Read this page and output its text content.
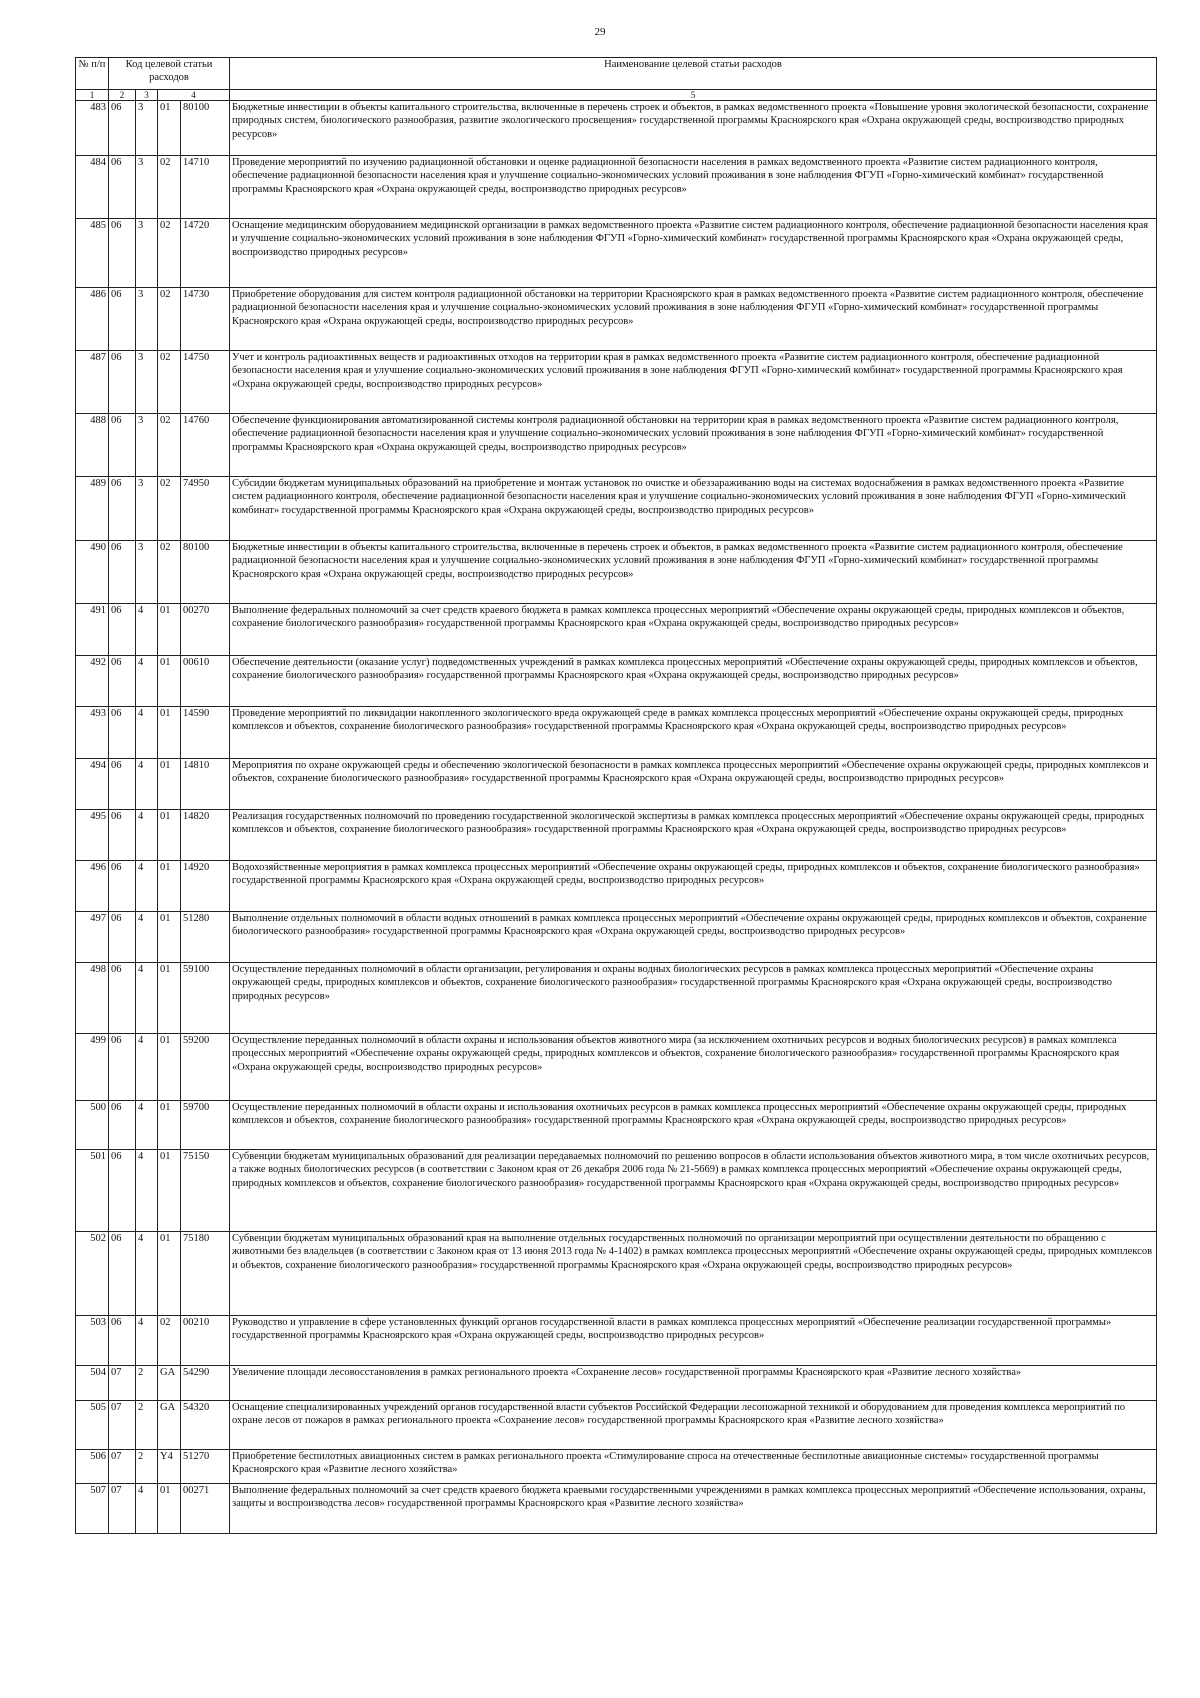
29
№ п/п	Код целевой статьи расходов				Наименование целевой статьи расходов

1	2	3	4		5
483	06	3	01	80100	Бюджетные инвестиции в объекты капитального строительства, включенные в перечень строек и объектов, в рамках ведомственного проекта «Повышение уровня экологической безопасности, сохранение природных систем, биологического разнообразия, развитие экологического просвещения» государственной программы Красноярского края «Охрана окружающей среды, воспроизводство природных ресурсов»
484	06	3	02	14710	Проведение мероприятий по изучению радиационной обстановки и оценке радиационной безопасности населения в рамках ведомственного проекта «Развитие систем радиационного контроля, обеспечение радиационной безопасности населения края и улучшение социально-экономических условий проживания в зоне наблюдения ФГУП «Горно-химический комбинат» государственной программы Красноярского края «Охрана окружающей среды, воспроизводство природных ресурсов»
485	06	3	02	14720	Оснащение медицинским оборудованием медицинской организации в рамках ведомственного проекта «Развитие систем радиационного контроля, обеспечение радиационной безопасности населения края и улучшение социально-экономических условий проживания в зоне наблюдения ФГУП «Горно-химический комбинат» государственной программы Красноярского края «Охрана окружающей среды, воспроизводство природных ресурсов»
486	06	3	02	14730	Приобретение оборудования для систем контроля радиационной обстановки на территории Красноярского края в рамках ведомственного проекта «Развитие систем радиационного контроля, обеспечение радиационной безопасности населения края и улучшение социально-экономических условий проживания в зоне наблюдения ФГУП «Горно-химический комбинат» государственной программы Красноярского края «Охрана окружающей среды, воспроизводство природных ресурсов»
487	06	3	02	14750	Учет и контроль радиоактивных веществ и радиоактивных отходов на территории края в рамках ведомственного проекта «Развитие систем радиационного контроля, обеспечение радиационной безопасности населения края и улучшение социально-экономических условий проживания в зоне наблюдения ФГУП «Горно-химический комбинат» государственной программы Красноярского края «Охрана окружающей среды, воспроизводство природных ресурсов»
488	06	3	02	14760	Обеспечение функционирования автоматизированной системы контроля радиационной обстановки на территории края в рамках ведомственного проекта «Развитие систем радиационного контроля, обеспечение радиационной безопасности населения края и улучшение социально-экономических условий проживания в зоне наблюдения ФГУП «Горно-химический комбинат» государственной программы Красноярского края «Охрана окружающей среды, воспроизводство природных ресурсов»
489	06	3	02	74950	Субсидии бюджетам муниципальных образований на приобретение и монтаж установок по очистке и обеззараживанию воды на системах водоснабжения в рамках ведомственного проекта «Развитие систем радиационного контроля, обеспечение радиационной безопасности населения края и улучшение социально-экономических условий проживания в зоне наблюдения ФГУП «Горно-химический комбинат» государственной программы Красноярского края «Охрана окружающей среды, воспроизводство природных ресурсов»
490	06	3	02	80100	Бюджетные инвестиции в объекты капитального строительства, включенные в перечень строек и объектов, в рамках ведомственного проекта «Развитие систем радиационного контроля, обеспечение радиационной безопасности населения края и улучшение социально-экономических условий проживания в зоне наблюдения ФГУП «Горно-химический комбинат» государственной программы Красноярского края «Охрана окружающей среды, воспроизводство природных ресурсов»
491	06	4	01	00270	Выполнение федеральных полномочий за счет средств краевого бюджета в рамках комплекса процессных мероприятий «Обеспечение охраны окружающей среды, природных комплексов и объектов, сохранение биологического разнообразия» государственной программы Красноярского края «Охрана окружающей среды, воспроизводство природных ресурсов»
492	06	4	01	00610	Обеспечение деятельности (оказание услуг) подведомственных учреждений в рамках комплекса процессных мероприятий «Обеспечение охраны окружающей среды, природных комплексов и объектов, сохранение биологического разнообразия» государственной программы Красноярского края «Охрана окружающей среды, воспроизводство природных ресурсов»
493	06	4	01	14590	Проведение мероприятий по ликвидации накопленного экологического вреда окружающей среде в рамках комплекса процессных мероприятий «Обеспечение охраны окружающей среды, природных комплексов и объектов, сохранение биологического разнообразия» государственной программы Красноярского края «Охрана окружающей среды, воспроизводство природных ресурсов»
494	06	4	01	14810	Мероприятия по охране окружающей среды и обеспечению экологической безопасности в рамках комплекса процессных мероприятий «Обеспечение охраны окружающей среды, природных комплексов и объектов, сохранение биологического разнообразия» государственной программы Красноярского края «Охрана окружающей среды, воспроизводство природных ресурсов»
495	06	4	01	14820	Реализация государственных полномочий по проведению государственной экологической экспертизы в рамках комплекса процессных мероприятий «Обеспечение охраны окружающей среды, природных комплексов и объектов, сохранение биологического разнообразия» государственной программы Красноярского края «Охрана окружающей среды, воспроизводство природных ресурсов»
496	06	4	01	14920	Водохозяйственные мероприятия в рамках комплекса процессных мероприятий «Обеспечение охраны окружающей среды, природных комплексов и объектов, сохранение биологического разнообразия» государственной программы Красноярского края «Охрана окружающей среды, воспроизводство природных ресурсов»
497	06	4	01	51280	Выполнение отдельных полномочий в области водных отношений в рамках комплекса процессных мероприятий «Обеспечение охраны окружающей среды, природных комплексов и объектов, сохранение биологического разнообразия» государственной программы Красноярского края «Охрана окружающей среды, воспроизводство природных ресурсов»
498	06	4	01	59100	Осуществление переданных полномочий в области организации, регулирования и охраны водных биологических ресурсов в рамках комплекса процессных мероприятий «Обеспечение охраны окружающей среды, природных комплексов и объектов, сохранение биологического разнообразия» государственной программы Красноярского края «Охрана окружающей среды, воспроизводство природных ресурсов»
499	06	4	01	59200	Осуществление переданных полномочий в области охраны и использования объектов животного мира (за исключением охотничьих ресурсов и водных биологических ресурсов) в рамках комплекса процессных мероприятий «Обеспечение охраны окружающей среды, природных комплексов и объектов, сохранение биологического разнообразия» государственной программы Красноярского края «Охрана окружающей среды, воспроизводство природных ресурсов»
500	06	4	01	59700	Осуществление переданных полномочий в области охраны и использования охотничьих ресурсов в рамках комплекса процессных мероприятий «Обеспечение охраны окружающей среды, природных комплексов и объектов, сохранение биологического разнообразия» государственной программы Красноярского края «Охрана окружающей среды, воспроизводство природных ресурсов»
501	06	4	01	75150	Субвенции бюджетам муниципальных образований для реализации передаваемых полномочий по решению вопросов в области использования объектов животного мира, в том числе охотничьих ресурсов, а также водных биологических ресурсов (в соответствии с Законом края от 26 декабря 2006 года № 21-5669) в рамках комплекса процессных мероприятий «Обеспечение охраны окружающей среды, природных комплексов и объектов, сохранение биологического разнообразия» государственной программы Красноярского края «Охрана окружающей среды, воспроизводство природных ресурсов»
502	06	4	01	75180	Субвенции бюджетам муниципальных образований края на выполнение отдельных государственных полномочий по организации мероприятий при осуществлении деятельности по обращению с животными без владельцев (в соответствии с Законом края от 13 июня 2013 года № 4-1402) в рамках комплекса процессных мероприятий «Обеспечение охраны окружающей среды, природных комплексов и объектов, сохранение биологического разнообразия» государственной программы Красноярского края «Охрана окружающей среды, воспроизводство природных ресурсов»
503	06	4	02	00210	Руководство и управление в сфере установленных функций органов государственной власти в рамках комплекса процессных мероприятий «Обеспечение реализации государственной программы» государственной программы Красноярского края «Охрана окружающей среды, воспроизводство природных ресурсов»
504	07	2	GA	54290	Увеличение площади лесовосстановления в рамках регионального проекта «Сохранение лесов» государственной программы Красноярского края «Развитие лесного хозяйства»
505	07	2	GA	54320	Оснащение специализированных учреждений органов государственной власти субъектов Российской Федерации лесопожарной техникой и оборудованием для проведения комплекса мероприятий по охране лесов от пожаров в рамках регионального проекта «Сохранение лесов» государственной программы Красноярского края «Развитие лесного хозяйства»
506	07	2	Y4	51270	Приобретение беспилотных авиационных систем в рамках регионального проекта «Стимулирование спроса на отечественные беспилотные авиационные системы» государственной программы Красноярского края «Развитие лесного хозяйства»
507	07	4	01	00271	Выполнение федеральных полномочий за счет средств краевого бюджета краевыми государственными учреждениями в рамках комплекса процессных мероприятий «Обеспечение использования, охраны, защиты и воспроизводства лесов» государственной программы Красноярского края «Развитие лесного хозяйства»
